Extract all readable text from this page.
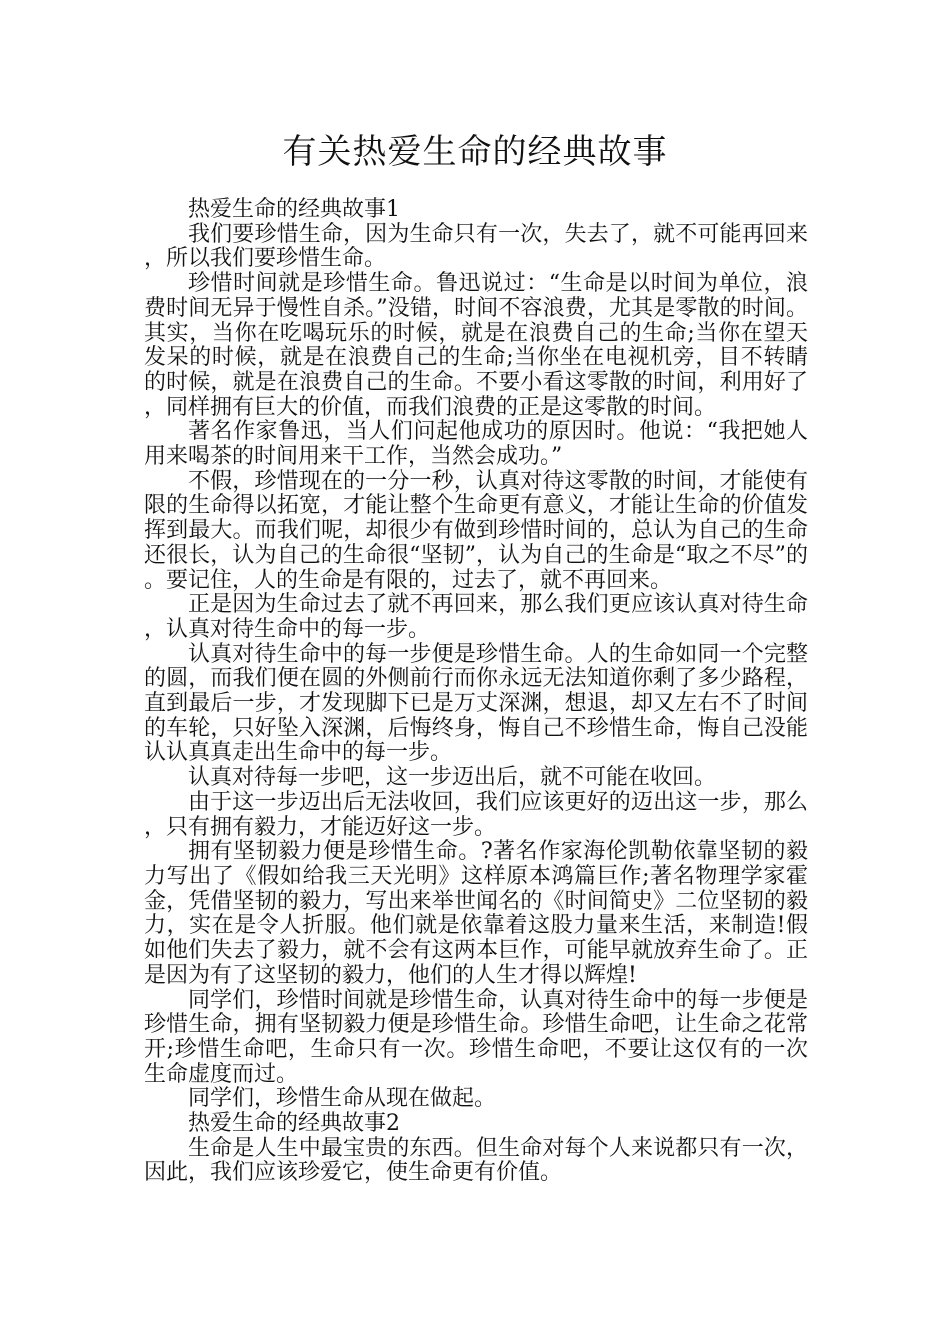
有关热爱生命的经典故事

热爱生命的经典故事1

我们要珍惜生命，因为生命只有一次，失去了，就不可能再回来，所以我们要珍惜生命。

珍惜时间就是珍惜生命。鲁迅说过：“生命是以时间为单位，浪费时间无异于慢性自杀。”没错，时间不容浪费，尤其是零散的时间。其实，当你在吃喝玩乐的时候，就是在浪费自己的生命;当你在望天发呆的时候，就是在浪费自己的生命;当你坐在电视机旁，目不转睛的时候，就是在浪费自己的生命。不要小看这零散的时间，利用好了，同样拥有巨大的价值，而我们浪费的正是这零散的时间。

著名作家鲁迅，当人们问起他成功的原因时。他说：“我把她人用来喝茶的时间用来干工作，当然会成功。”

不假，珍惜现在的一分一秒，认真对待这零散的时间，才能使有限的生命得以拓宽，才能让整个生命更有意义，才能让生命的价值发挥到最大。而我们呢，却很少有做到珍惜时间的，总认为自己的生命还很长，认为自己的生命很“坚韧”，认为自己的生命是“取之不尽”的。要记住，人的生命是有限的，过去了，就不再回来。

正是因为生命过去了就不再回来，那么我们更应该认真对待生命，认真对待生命中的每一步。

认真对待生命中的每一步便是珍惜生命。人的生命如同一个完整的圆，而我们便在圆的外侧前行而你永远无法知道你剩了多少路程，直到最后一步，才发现脚下已是万丈深渊，想退，却又左右不了时间的车轮，只好坠入深渊，后悔终身，悔自己不珍惜生命，悔自己没能认认真真走出生命中的每一步。

认真对待每一步吧，这一步迈出后，就不可能在收回。

由于这一步迈出后无法收回，我们应该更好的迈出这一步，那么，只有拥有毅力，才能迈好这一步。

拥有坚韧毅力便是珍惜生命。?著名作家海伦凯勒依靠坚韧的毅力写出了《假如给我三天光明》这样原本鸿篇巨作;著名物理学家霍金，凭借坚韧的毅力，写出来举世闻名的《时间简史》二位坚韧的毅力，实在是令人折服。他们就是依靠着这股力量来生活，来制造!假如他们失去了毅力，就不会有这两本巨作，可能早就放弃生命了。正是因为有了这坚韧的毅力，他们的人生才得以辉煌!

同学们，珍惜时间就是珍惜生命，认真对待生命中的每一步便是珍惜生命，拥有坚韧毅力便是珍惜生命。珍惜生命吧，让生命之花常开;珍惜生命吧，生命只有一次。珍惜生命吧，不要让这仅有的一次生命虚度而过。

同学们，珍惜生命从现在做起。

热爱生命的经典故事2

生命是人生中最宝贵的东西。但生命对每个人来说都只有一次，因此，我们应该珍爱它，使生命更有价值。
